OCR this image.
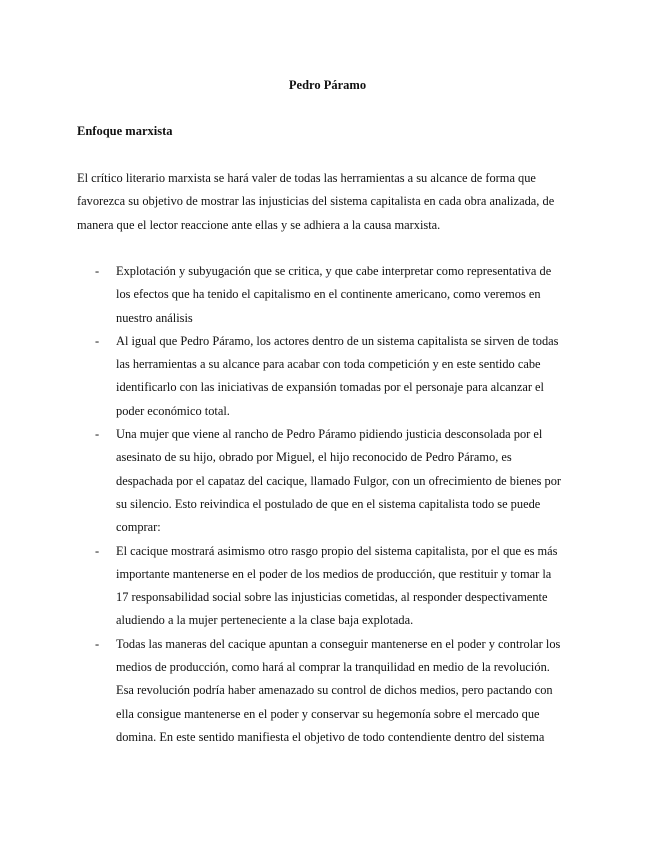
Pedro Páramo
Enfoque marxista

El crítico literario marxista se hará valer de todas las herramientas a su alcance de forma que
favorezca su objetivo de mostrar las injusticias del sistema capitalista en cada obra analizada, de
manera que el lector reaccione ante ellas y se adhiera a la causa marxista.

-	Explotación y subyugación que se critica, y que cabe interpretar como representativa de
los efectos que ha tenido el capitalismo en el continente americano, como veremos en
nuestro análisis
-	Al igual que Pedro Páramo, los actores dentro de un sistema capitalista se sirven de todas
las herramientas a su alcance para acabar con toda competición y en este sentido cabe
identificarlo con las iniciativas de expansión tomadas por el personaje para alcanzar el
poder económico total.
-	Una mujer que viene al rancho de Pedro Páramo pidiendo justicia desconsolada por el
asesinato de su hijo, obrado por Miguel, el hijo reconocido de Pedro Páramo, es
despachada por el capataz del cacique, llamado Fulgor, con un ofrecimiento de bienes por
su silencio. Esto reivindica el postulado de que en el sistema capitalista todo se puede
comprar:
-	El cacique mostrará asimismo otro rasgo propio del sistema capitalista, por el que es más
importante mantenerse en el poder de los medios de producción, que restituir y tomar la
17 responsabilidad social sobre las injusticias cometidas, al responder despectivamente
aludiendo a la mujer perteneciente a la clase baja explotada.
-	Todas las maneras del cacique apuntan a conseguir mantenerse en el poder y controlar los
medios de producción, como hará al comprar la tranquilidad en medio de la revolución.
Esa revolución podría haber amenazado su control de dichos medios, pero pactando con
ella consigue mantenerse en el poder y conservar su hegemonía sobre el mercado que
domina. En este sentido manifiesta el objetivo de todo contendiente dentro del sistema
